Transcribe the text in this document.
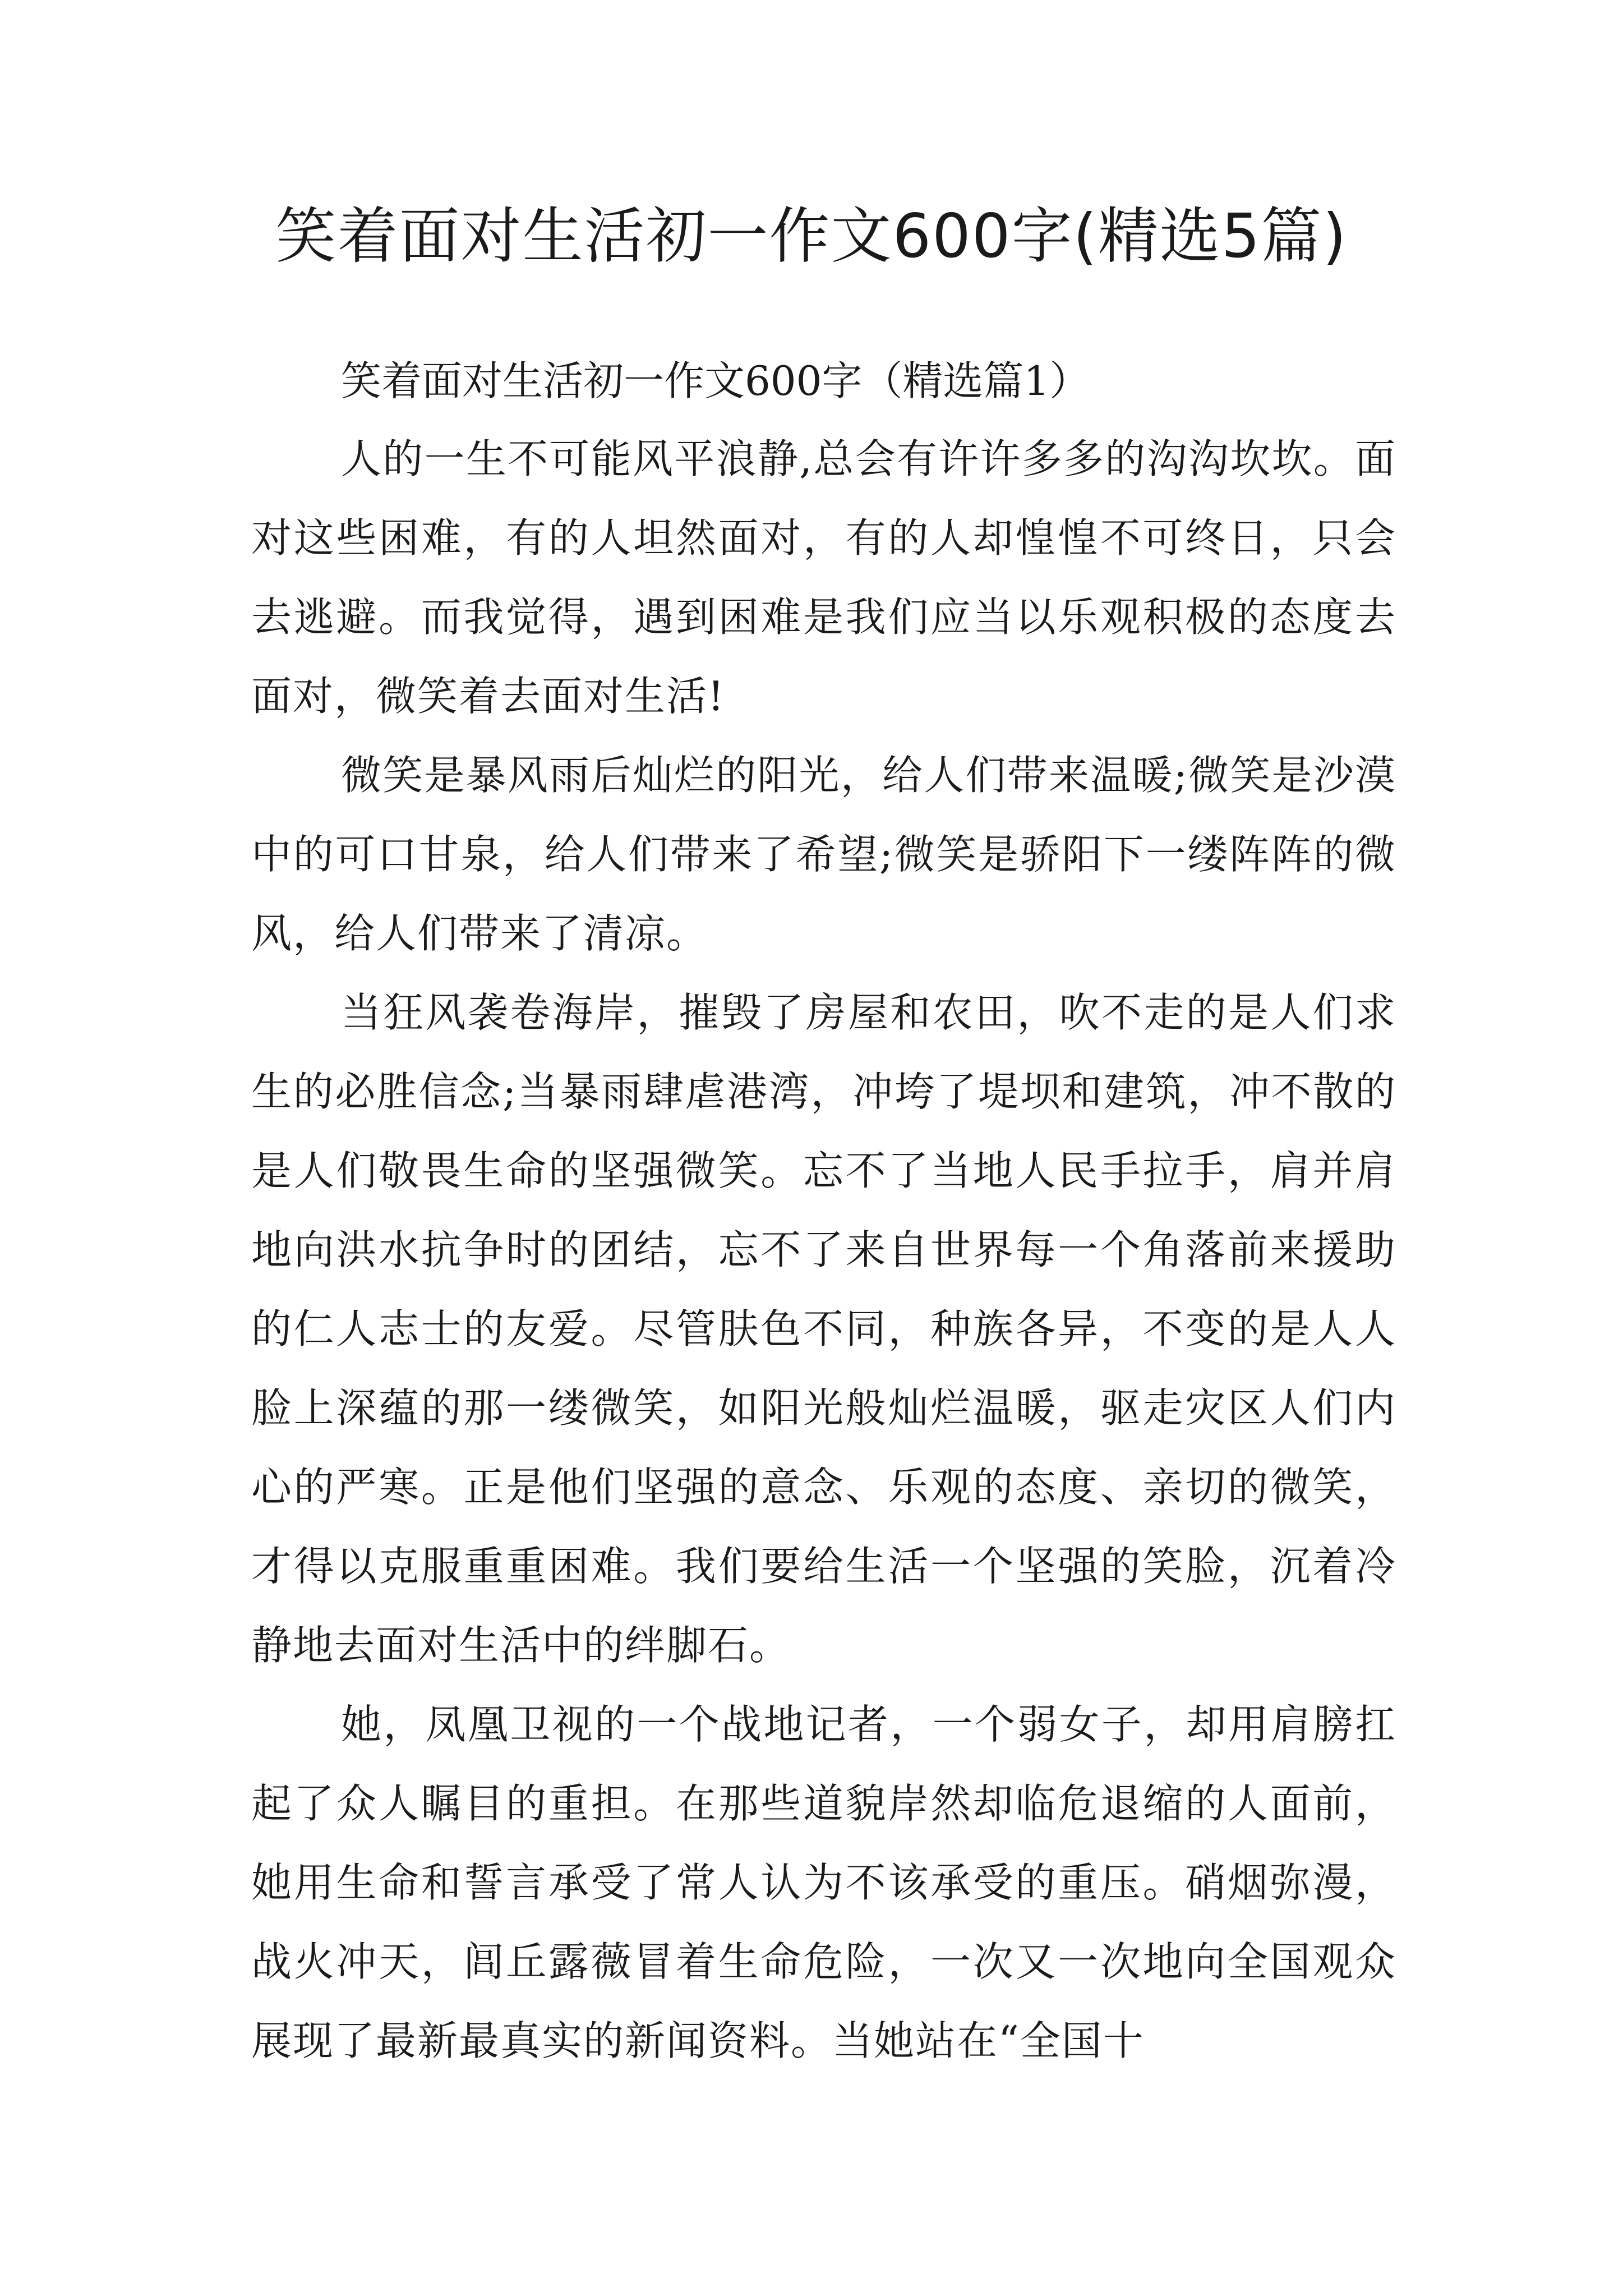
笑着面对生活初一作文600字(精选5篇)

笑着面对生活初一作文600字（精选篇1）

人的一生不可能风平浪静,总会有许许多多的沟沟坎坎。面对这些困难，有的人坦然面对，有的人却惶惶不可终日，只会去逃避。而我觉得，遇到困难是我们应当以乐观积极的态度去面对，微笑着去面对生活!

微笑是暴风雨后灿烂的阳光，给人们带来温暖;微笑是沙漠中的可口甘泉，给人们带来了希望;微笑是骄阳下一缕阵阵的微风，给人们带来了清凉。

当狂风袭卷海岸，摧毁了房屋和农田，吹不走的是人们求生的必胜信念;当暴雨肆虐港湾，冲垮了堤坝和建筑，冲不散的是人们敬畏生命的坚强微笑。忘不了当地人民手拉手，肩并肩地向洪水抗争时的团结，忘不了来自世界每一个角落前来援助的仁人志士的友爱。尽管肤色不同，种族各异，不变的是人人脸上深蕴的那一缕微笑，如阳光般灿烂温暖，驱走灾区人们内心的严寒。正是他们坚强的意念、乐观的态度、亲切的微笑，才得以克服重重困难。我们要给生活一个坚强的笑脸，沉着冷静地去面对生活中的绊脚石。

她，凤凰卫视的一个战地记者，一个弱女子，却用肩膀扛起了众人瞩目的重担。在那些道貌岸然却临危退缩的人面前，她用生命和誓言承受了常人认为不该承受的重压。硝烟弥漫，战火冲天，闾丘露薇冒着生命危险，一次又一次地向全国观众展现了最新最真实的新闻资料。当她站在“全国十
